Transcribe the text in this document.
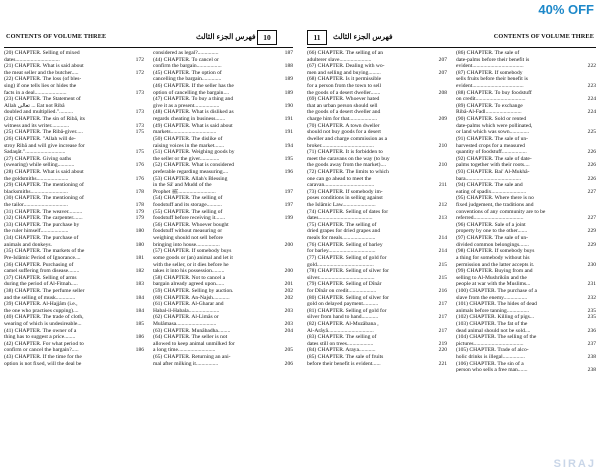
40% OFF
CONTENTS OF VOLUME THREE	فهرس الجزء الثالث	10
(20) CHAPTER. Selling of mixed
dates................................	172
(21) CHAPTER. What is said about
the meat seller and the butcher.....	172
(22) CHAPTER. The loss (of bles-
sing) if one tells lies or hides the
facts in a deal.......................	173
(23) CHAPTER. The Statement of
Allah تعالى ... Eat not Ribâ
doubled and multiplied."..........	173
(24) CHAPTER. The sin of Ribâ, its
witness and its writer.............	173
(25) CHAPTER. The Ribâ-giver.....	175
(26) CHAPTER. "Allah will de-
stroy Ribâ and will give increase for
Sadaqât.".............................	175
(27) CHAPTER. Giving oaths
(swearing) while selling............	176
(28) CHAPTER. What is said about
the goldsmiths.......................	176
(29) CHAPTER. The mentioning of
blacksmiths...........................	178
(30) CHAPTER. The mentioning of
the tailor................................	178
(31) CHAPTER. The weaver..........	179
(32) CHAPTER. The carpenter.......	179
(33) CHAPTER. The purchase by
the ruler himself....................	180
(34) CHAPTER. The purchase of
animals and donkeys.	180
(35) CHAPTER. The markets of the
Pre-Islâmic Period of Ignorance....	181
(36) CHAPTER. Purchasing of
camel suffering from disease........	182
(37) CHAPTER. Selling of arms
during the period of Al-Fitnah.....	183
(38) CHAPTER. The perfume seller
and the selling of musk..............	184
(39) CHAPTER. Al-Hajjâm (i.e.,
the one who practises cupping)....	184
(40) CHAPTER. The trade of cloth,
wearing of which is undesireable...	185
(41) CHAPTER. The owner of a
thing has to suggest a price........	186
(42) CHAPTER. For what period to
confirm or cancel the bargain?.....	186
(43) CHAPTER. If the time for the
option is not fixed, will the deal be
considered as legal?...............	187
(44) CHAPTER. To cancel or
confirm the bargain..................	188
(45) CHAPTER. The option of
cancelling the bargain..............	189
(46) CHAPTER. If the seller has the
option of cancelling the bargain....	189
(47) CHAPTER. To buy a thing and
give it as a present..................	190
(48) CHAPTER. What is disliked as
regards cheating in business.......	191
(49) CHAPTER. What is said about
markets.................................	191
(50) CHAPTER. The dislike of
raising voices in the market.......	194
(51) CHAPTER. Weighing goods by
the seller or the giver..............	195
(52) CHAPTER. What is considered
preferable regarding measuring....	196
(53) CHAPTER. Allah's Blessing
in the Sâ' and Mudd of the
Prophet ﷺ...........................	197
(54) CHAPTER. The selling of
foodstuff and its storage...........	197
(55) CHAPTER. The selling of
foodstuff before receiving it.......	199
(56) CHAPTER. Whoever bought
foodstuff without measuring or
weighing should not sell before
bringing into house.................	200
(57) CHAPTER. If somebody buys
some goods or (an) animal and let it
with the seller, or it dies before he
takes it into his possession.........	200
(58) CHAPTER. Not to cancel a
bargain already agreed upon......	201
(59) CHAPTER. Selling by auction.	202
(60) CHAPTER. An-Najsh............	202
(61) CHAPTER. Al-Gharar and
Habal-il-Habala......................	203
(62) CHAPTER. Al-Limâs or
Mulâmasa.............................	203
(63) CHAPTER. Munâbadha.........	204
(64) CHAPTER. The seller is not
allowed to keep animal unmilked for
a long time...........................	205
(65) CHAPTER. Returning an ani-
mal after milking it................	206
11	فهرس الجزء الثالث	CONTENTS OF VOLUME THREE
(66) CHAPTER. The selling of an
adulterer slave.......................	207
(67) CHAPTER. Dealing with wo-
men and selling and buying.........	207
(68) CHAPTER. Is it permissible
for a person from the town to sell
the goods of a desert dweller.......	208
(69) CHAPTER. Whoever hated
that an urban person should sell
the goods of a desert dweller and
charge him for that....................	209
(70) CHAPTER. A town dweller
should not buy goods for a desert
dweller and charge commission as a
broker......................................	210
(71) CHAPTER. It is forbidden to
meet the caravans on the way (to buy
the goods away from the market)....	210
(72) CHAPTER. The limits to which
one can go ahead to meet the
caravan....................................	211
(73) CHAPTER. If somebody im-
poses conditions in selling against
the Islâmic Law........................	212
(74) CHAPTER. Selling of dates for
dates.......................................	213
(75) CHAPTER. The selling of
dried grapes for dried grapes and
meals for meals........................	214
(76) CHAPTER. Selling of barley
for barley..................................	214
(77) CHAPTER. Selling of gold for
gold.........................................	215
(78) CHAPTER. Selling of silver for
silver........................................	215
(79) CHAPTER. Selling of Dînâr
for Dînâr on credit....................	216
(80) CHAPTER. Selling of silver for
gold on delayed payment...........	217
(81) CHAPTER. Selling of gold for
silver from hand to hand............	217
(82) CHAPTER. Al-Muzâbana ,
Al-Arâyâ.................................	217
(83) CHAPTER. The selling of
dates still on trees...................	219
(84) CHAPTER. Araya............	220
(85) CHAPTER. The sale of fruits
before their benefit is evident......	221
(86) CHAPTER. The sale of
date-palms before their benefit is
evident.....................................	222
(87) CHAPTER. If somebody
sells fruits before their benefit is
evident.....................................	223
(88) CHAPTER. To buy foodstuff
on credit....................................	224
(89) CHAPTER. To exchange
Ribâ-Al-Fadl..........................	224
(90) CHAPTER. Sold or rented
date-palms which were pollinated,
or land which was sown..............	225
(91) CHAPTER. The sale of un-
harvested crops for a measured
quantity of foodstuff..................	226
(92) CHAPTER. The sale of date-
palms together with their roots....	226
(93) CHAPTER. Bai' Al-Mukhâ-
bara........................................	226
(94) CHAPTER. The sale and
eating of spadix.........................	227
(95) CHAPTER. Where there is no
fixed judgement, the traditions and
conventions of any community are to be
referred....................................	227
(96) CHAPTER. Sale of a joint
property by one to the other.......	229
(97) CHAPTER. The sale of un-
divided common belongings.......	229
(98) CHAPTER. If somebody buys
a thing for somebody without his
permission and the latter accepts it.	230
(99) CHAPTER. Buying from and
selling to Al-Mushrikûn and the
people at war with the Muslims...	231
(100) CHAPTER. The purchase of a
slave from the enemy.................	232
(101) CHAPTER. The hides of dead
animals before tanning................	235
(102) CHAPTER. Killing of pigs...	235
(103) CHAPTER. The fat of the
dead animal should not be sold....	236
(104) CHAPTER. The selling of the
pictures....................................	237
(105) CHAPTER. Trade of alco-
holic drinks is illegal................	238
(106) CHAPTER. The sin of a
person who sells a free man.......	238
SIRAJ
